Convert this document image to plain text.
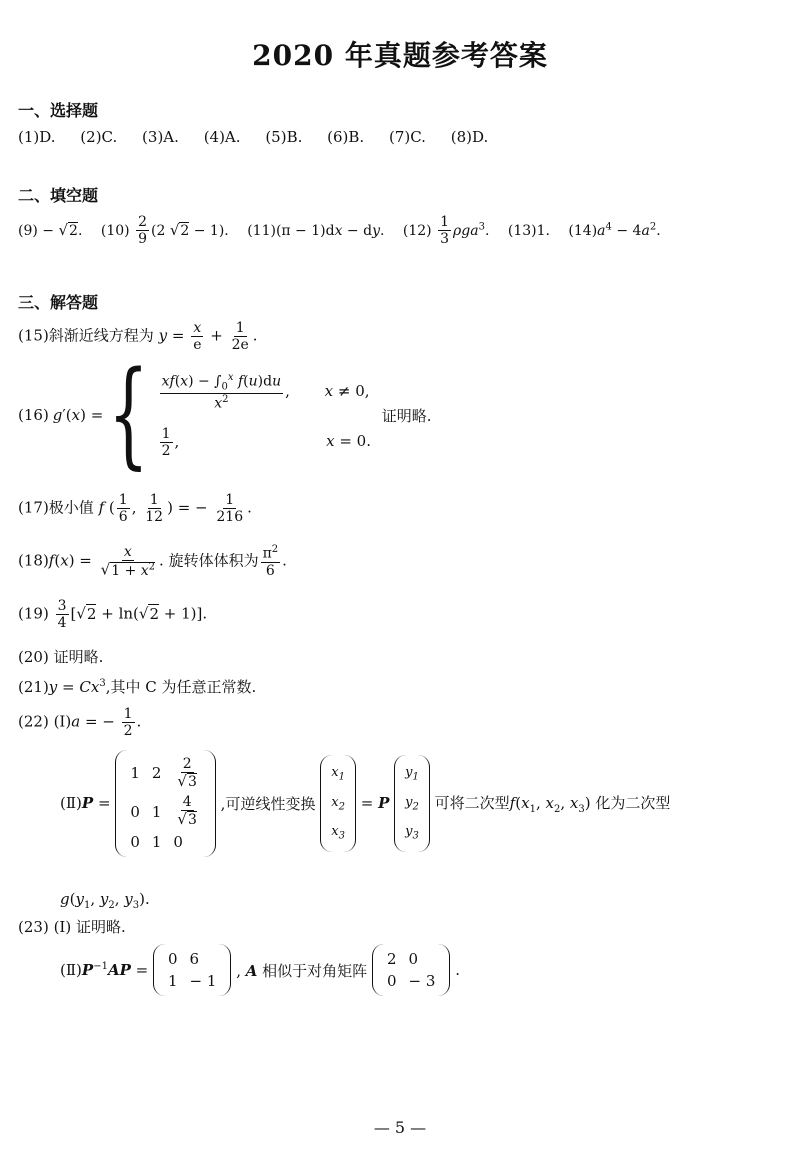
2020 年真题参考答案
一、选择题
(1)D. (2)C. (3)A. (4)A. (5)B. (6)B. (7)C. (8)D.
二、填空题
(9) − √2. $(10) \frac{2}{9} (2$ √2 − 1). (11)(π − 1)dx − dy. $(12) \frac{1}{3} \rho ga^3$. (13)1. $(14)a^4 - 4a^2$.
三、解答题
(15)斜渐近线方程为 $y = \frac{x}{e} + \frac{1}{2e}$ .
(16) g′(x) = { $\frac{xf(x) - \int_0^x f(u)du}{x^2}$ , x ≠ 0,
$\frac{1}{2}$ ,	x = 0.
证明略.
(17)极小值 f ( $\frac{1}{6}$ , $\frac{1}{12}$ ) = − $\frac{1}{216}$ .
$(18)f(x) = \frac{x}{√1 + x^2}$ . 旋转体体积为 $\frac{\pi^2}{6}$ .
$(19) \frac{3}{4} [√2 + \ln(√2 + 1)]$.
(20) 证明略.
$(21)y = Cx^3$,其中 C 为任意正常数.
(22) (Ⅰ)a = − $\frac{1}{2}$ .
(Ⅱ)P =
1	2	$\frac{2}{√3}$

0	1	$\frac{4}{√3}$

0	1	0
,可逆线性变换
$x_1$
$x_2$
$x_3$
= P
$y_1$
$y_2$
$y_3$
可将二次型$f(x_1$, $x_2$, $x_3$) 化为二次型
$g(y_1$, $y_2$, $y_3$).
(23) (Ⅰ) 证明略.
$(Ⅱ)P^{-1}AP$ =
0	6
1	− 1
, A 相似于对角矩阵
2	0
0	− 3
.
— 5 —
